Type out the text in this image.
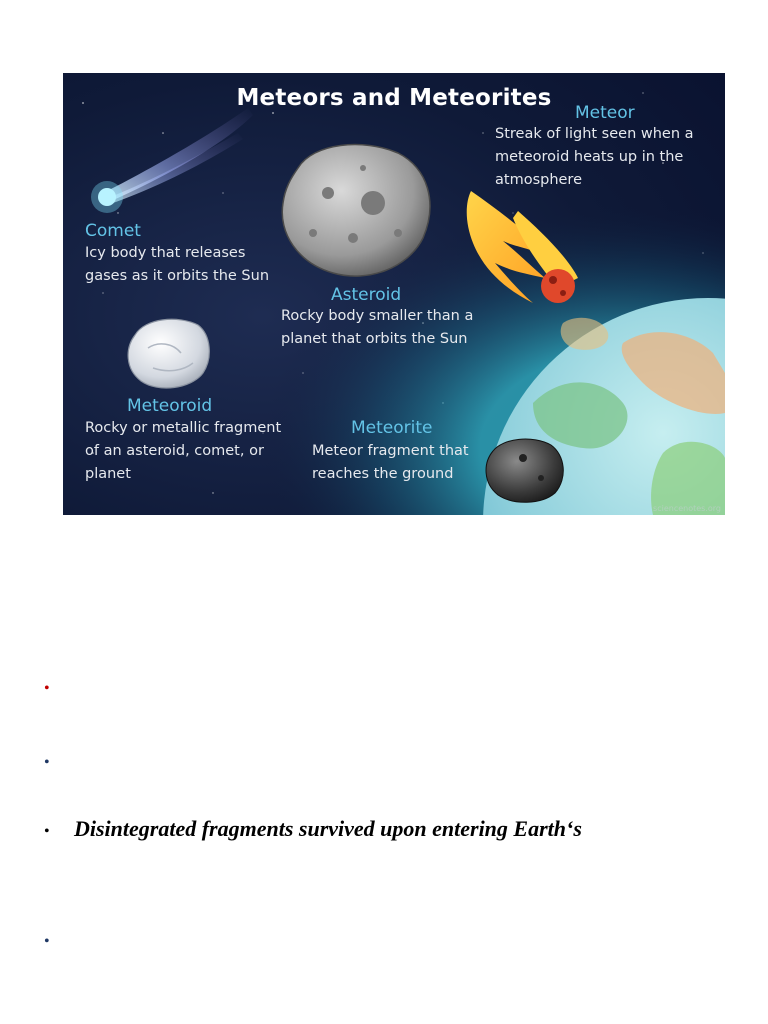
Meteors and Meteorites
Comet
Icy body that releases
gases as it orbits the Sun
Asteroid
Rocky body smaller than a
planet that orbits the Sun
Meteor
Streak of light seen when a
meteoroid heats up in the
atmosphere
Meteoroid
Rocky or metallic fragment
of an asteroid, comet, or
planet
Meteorite
Meteor fragment that
reaches the ground
sciencenotes.org
•
•
• Disintegrated fragments survived upon entering Earth‘s
•
